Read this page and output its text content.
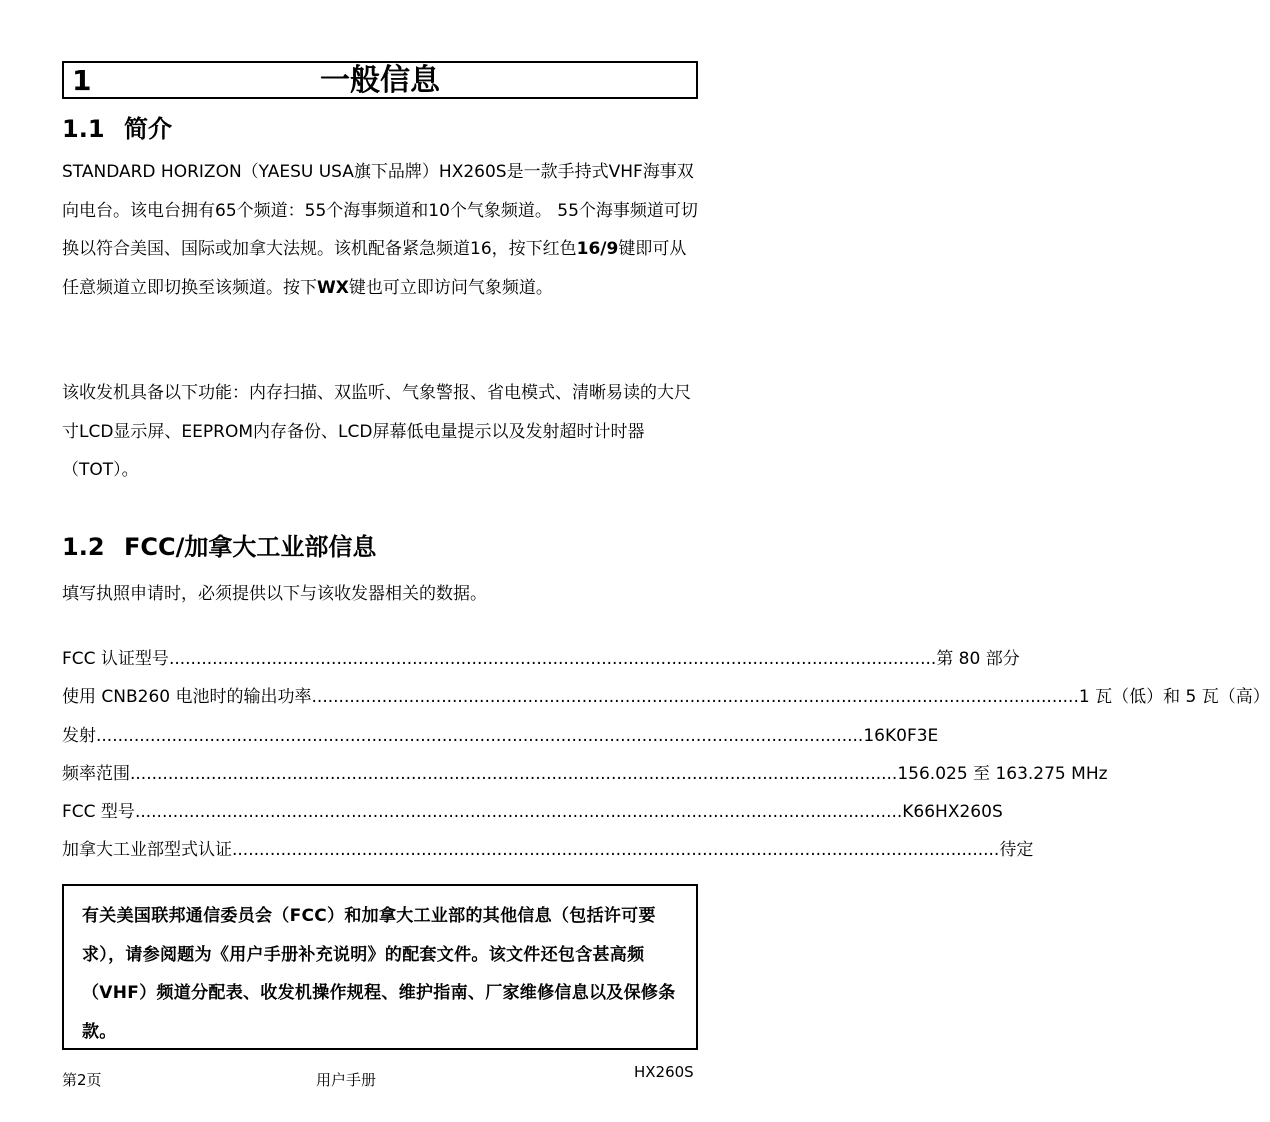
1	一般信息
1.1 简介
STANDARD HORIZON（YAESU USA旗下品牌）HX260S是一款手持式VHF海事双向电台。该电台拥有65个频道：55个海事频道和10个气象频道。 55个海事频道可切换以符合美国、国际或加拿大法规。该机配备紧急频道16，按下红色16/9键即可从任意频道立即切换至该频道。按下WX键也可立即访问气象频道。
该收发机具备以下功能：内存扫描、双监听、气象警报、省电模式、清晰易读的大尺寸LCD显示屏、EEPROM内存备份、LCD屏幕低电量提示以及发射超时计时器（TOT）。
1.2 FCC/加拿大工业部信息
填写执照申请时，必须提供以下与该收发器相关的数据。
FCC 认证型号 .............................................................................................................................................. 第 80 部分
使用 CNB260 电池时的输出功率 .............................................................................................................................................. 1 瓦（低）和 5 瓦（高）
发射 .............................................................................................................................................. 16K0F3E
频率范围 .............................................................................................................................................. 156.025 至 163.275 MHz
FCC 型号 .............................................................................................................................................. K66HX260S
加拿大工业部型式认证 .............................................................................................................................................. 待定
有关美国联邦通信委员会（FCC）和加拿大工业部的其他信息（包括许可要求），请参阅题为《用户手册补充说明》的配套文件。该文件还包含甚高频（VHF）频道分配表、收发机操作规程、维护指南、厂家维修信息以及保修条款。
第2页	用户手册	HX260S
